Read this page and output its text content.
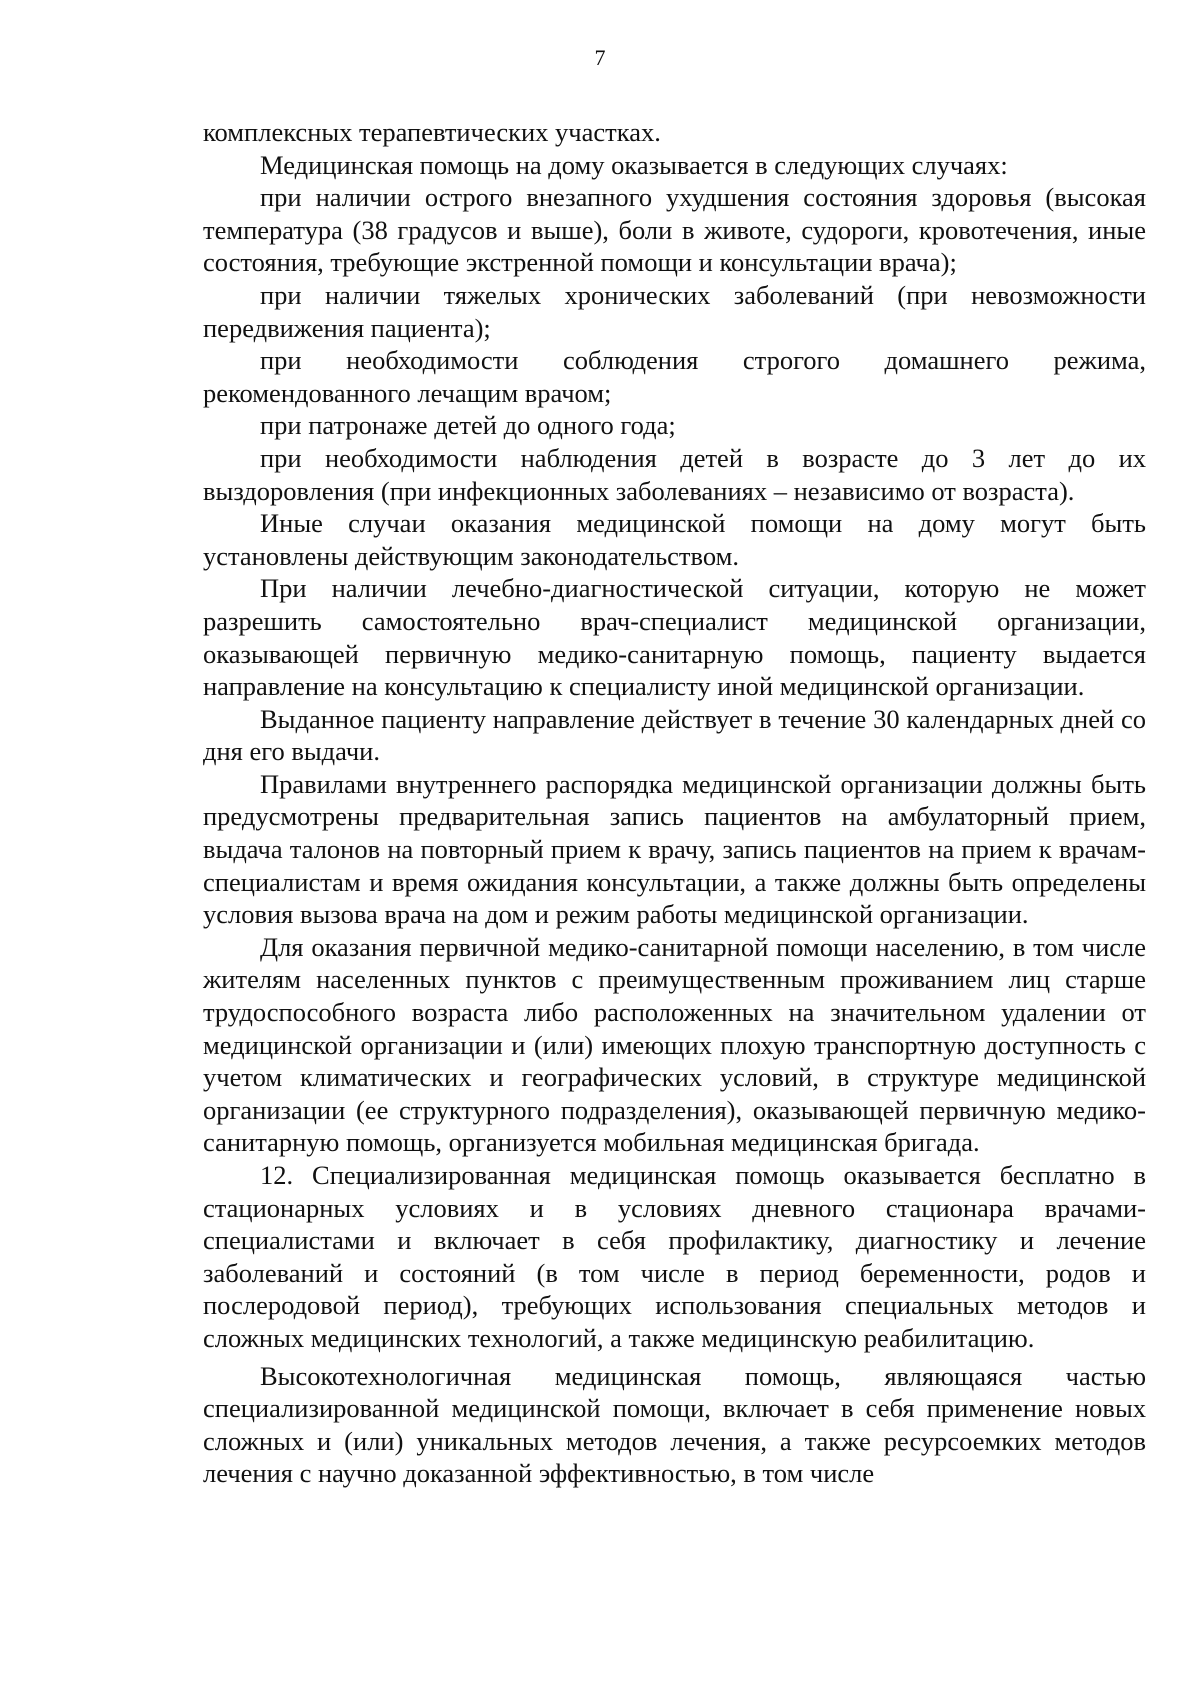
7

комплексных терапевтических участках.

Медицинская помощь на дому оказывается в следующих случаях:

при наличии острого внезапного ухудшения состояния здоровья (высокая температура (38 градусов и выше), боли в животе, судороги, кровотечения, иные состояния, требующие экстренной помощи и консультации врача);

при наличии тяжелых хронических заболеваний (при невозможности передвижения пациента);

при необходимости соблюдения строгого домашнего режима, рекомендованного лечащим врачом;

при патронаже детей до одного года;

при необходимости наблюдения детей в возрасте до 3 лет до их выздоровления (при инфекционных заболеваниях – независимо от возраста).

Иные случаи оказания медицинской помощи на дому могут быть установлены действующим законодательством.

При наличии лечебно-диагностической ситуации, которую не может разрешить самостоятельно врач-специалист медицинской организации, оказывающей первичную медико-санитарную помощь, пациенту выдается направление на консультацию к специалисту иной медицинской организации.

Выданное пациенту направление действует в течение 30 календарных дней со дня его выдачи.

Правилами внутреннего распорядка медицинской организации должны быть предусмотрены предварительная запись пациентов на амбулаторный прием, выдача талонов на повторный прием к врачу, запись пациентов на прием к врачам-специалистам и время ожидания консультации, а также должны быть определены условия вызова врача на дом и режим работы медицинской организации.

Для оказания первичной медико-санитарной помощи населению, в том числе жителям населенных пунктов с преимущественным проживанием лиц старше трудоспособного возраста либо расположенных на значительном удалении от медицинской организации и (или) имеющих плохую транспортную доступность с учетом климатических и географических условий, в структуре медицинской организации (ее структурного подразделения), оказывающей первичную медико-санитарную помощь, организуется мобильная медицинская бригада.

12. Специализированная медицинская помощь оказывается бесплатно в стационарных условиях и в условиях дневного стационара врачами-специалистами и включает в себя профилактику, диагностику и лечение заболеваний и состояний (в том числе в период беременности, родов и послеродовой период), требующих использования специальных методов и сложных медицинских технологий, а также медицинскую реабилитацию.

Высокотехнологичная медицинская помощь, являющаяся частью специализированной медицинской помощи, включает в себя применение новых сложных и (или) уникальных методов лечения, а также ресурсоемких методов лечения с научно доказанной эффективностью, в том числе
